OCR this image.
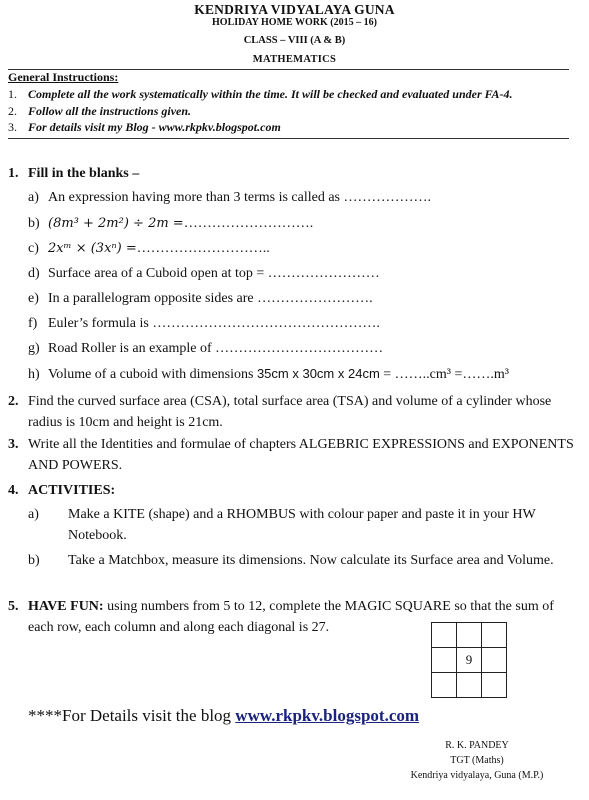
KENDRIYA VIDYALAYA GUNA
HOLIDAY HOME WORK (2015 – 16)
CLASS – VIII (A & B)
MATHEMATICS
General Instructions:
1. Complete all the work systematically within the time. It will be checked and evaluated under FA-4.
2. Follow all the instructions given.
3. For details visit my Blog - www.rkpkv.blogspot.com
1. Fill in the blanks –
a) An expression having more than 3 terms is called as ……………….
b) (8m³ + 2m²) ÷ 2m =……………………….
c) 2xᵐ × (3xⁿ) =………………………..
d) Surface area of a Cuboid open at top = ……………………
e) In a parallelogram opposite sides are …………………….
f) Euler’s formula is ………………………………………….
g) Road Roller is an example of ………………………………
h) Volume of a cuboid with dimensions 35cm x 30cm x 24cm = ……..cm³ =…….m³
2. Find the curved surface area (CSA), total surface area (TSA) and volume of a cylinder whose radius is 10cm and height is 21cm.
3. Write all the Identities and formulae of chapters ALGEBRIC EXPRESSIONS and EXPONENTS AND POWERS.
4. ACTIVITIES:
a) Make a KITE (shape) and a RHOMBUS with colour paper and paste it in your HW Notebook.
b) Take a Matchbox, measure its dimensions. Now calculate its Surface area and Volume.
5. HAVE FUN: using numbers from 5 to 12, complete the MAGIC SQUARE so that the sum of each row, each column and along each diagonal is 27.

	9	

****For Details visit the blog www.rkpkv.blogspot.com
R. K. PANDEY
TGT (Maths)
Kendriya vidyalaya, Guna (M.P.)
